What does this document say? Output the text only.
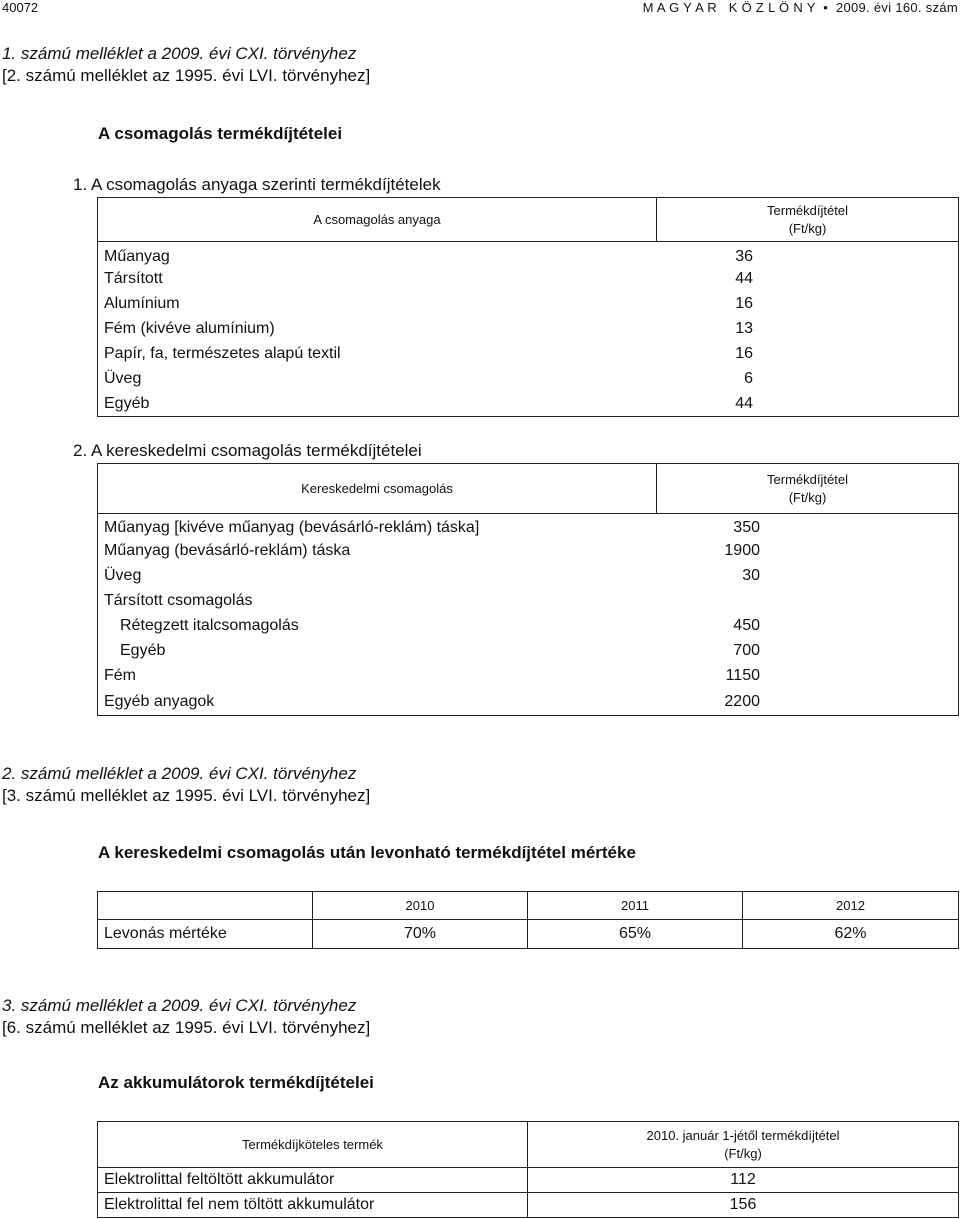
40072	M A G Y A R   K Ö Z L Ö N Y  •  2009. évi 160. szám
1. számú melléklet a 2009. évi CXI. törvényhez
[2. számú melléklet az 1995. évi LVI. törvényhez]
A csomagolás termékdíjtételei
1. A csomagolás anyaga szerinti termékdíjtételek
A csomagolás anyaga	Termékdíjtétel
(Ft/kg)

Műanyag	36
Társított	44
Alumínium	16
Fém (kivéve alumínium)	13
Papír, fa, természetes alapú textil	16
Üveg	6
Egyéb	44
2. A kereskedelmi csomagolás termékdíjtételei
Kereskedelmi csomagolás	Termékdíjtétel
(Ft/kg)

Műanyag [kivéve műanyag (bevásárló-reklám) táska]	350
Műanyag (bevásárló-reklám) táska	1900
Üveg	30
Társított csomagolás	
Rétegzett italcsomagolás	450
Egyéb	700
Fém	1150
Egyéb anyagok	2200
2. számú melléklet a 2009. évi CXI. törvényhez
[3. számú melléklet az 1995. évi LVI. törvényhez]
A kereskedelmi csomagolás után levonható termékdíjtétel mértéke
	2010	2011	2012
Levonás mértéke	70%	65%	62%
3. számú melléklet a 2009. évi CXI. törvényhez
[6. számú melléklet az 1995. évi LVI. törvényhez]
Az akkumulátorok termékdíjtételei
Termékdíjköteles termék	2010. január 1-jétől termékdíjtétel
(Ft/kg)

Elektrolittal feltöltött akkumulátor	112
Elektrolittal fel nem töltött akkumulátor	156
